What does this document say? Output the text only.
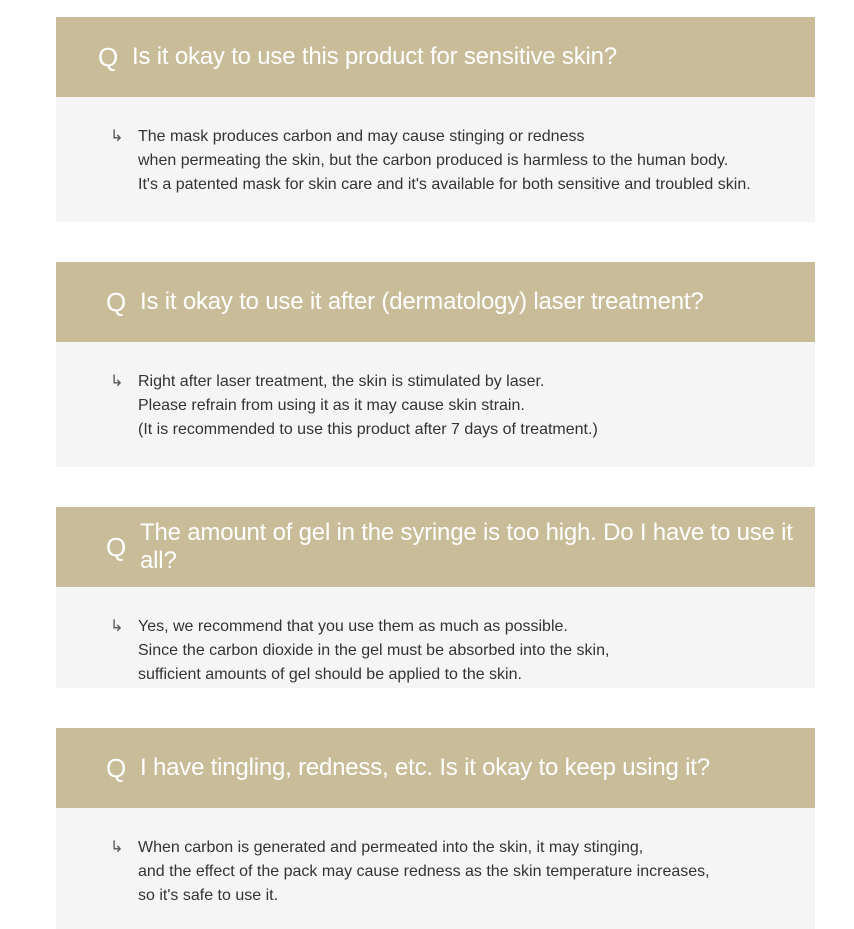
Q Is it okay to use this product for sensitive skin?
↳ The mask produces carbon and may cause stinging or redness
when permeating the skin, but the carbon produced is harmless to the human body.
It's a patented mask for skin care and it's available for both sensitive and troubled skin.
Q Is it okay to use it after (dermatology) laser treatment?
↳ Right after laser treatment, the skin is stimulated by laser.
Please refrain from using it as it may cause skin strain.
(It is recommended to use this product after 7 days of treatment.)
Q The amount of gel in the syringe is too high. Do I have to use it all?
↳ Yes, we recommend that you use them as much as possible.
Since the carbon dioxide in the gel must be absorbed into the skin,
sufficient amounts of gel should be applied to the skin.
Q I have tingling, redness, etc. Is it okay to keep using it?
↳ When carbon is generated and permeated into the skin, it may stinging,
and the effect of the pack may cause redness as the skin temperature increases,
so it's safe to use it.
